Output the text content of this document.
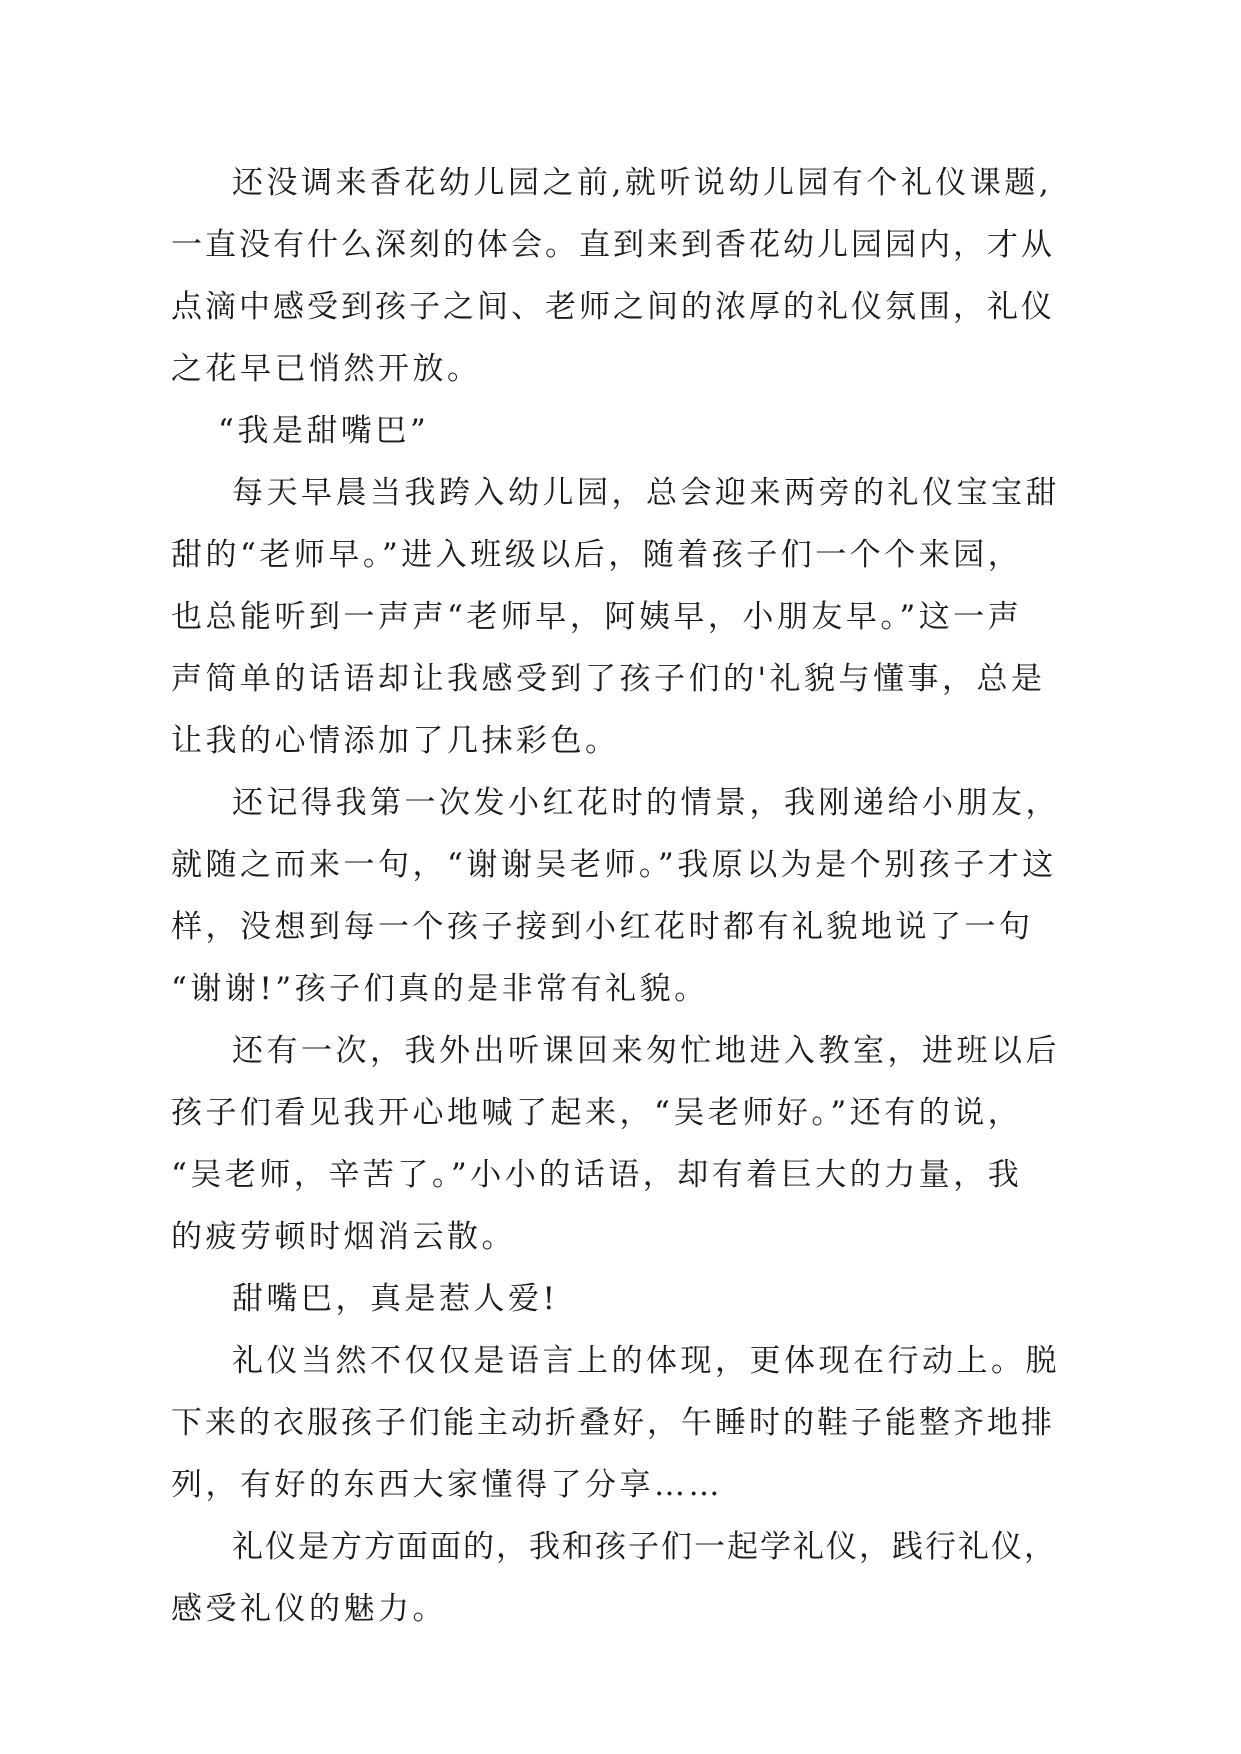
还没调来香花幼儿园之前,就听说幼儿园有个礼仪课题,
一直没有什么深刻的体会。直到来到香花幼儿园园内，才从
点滴中感受到孩子之间、老师之间的浓厚的礼仪氛围，礼仪
之花早已悄然开放。
“我是甜嘴巴”
每天早晨当我跨入幼儿园，总会迎来两旁的礼仪宝宝甜
甜的“老师早。”进入班级以后，随着孩子们一个个来园，
也总能听到一声声“老师早，阿姨早，小朋友早。”这一声
声简单的话语却让我感受到了孩子们的'礼貌与懂事，总是
让我的心情添加了几抹彩色。
还记得我第一次发小红花时的情景，我刚递给小朋友，
就随之而来一句，“谢谢吴老师。”我原以为是个别孩子才这
样，没想到每一个孩子接到小红花时都有礼貌地说了一句
“谢谢!”孩子们真的是非常有礼貌。
还有一次，我外出听课回来匆忙地进入教室，进班以后
孩子们看见我开心地喊了起来，“吴老师好。”还有的说，
“吴老师，辛苦了。”小小的话语，却有着巨大的力量，我
的疲劳顿时烟消云散。
甜嘴巴，真是惹人爱!
礼仪当然不仅仅是语言上的体现，更体现在行动上。脱
下来的衣服孩子们能主动折叠好，午睡时的鞋子能整齐地排
列，有好的东西大家懂得了分享……
礼仪是方方面面的，我和孩子们一起学礼仪，践行礼仪，
感受礼仪的魅力。
